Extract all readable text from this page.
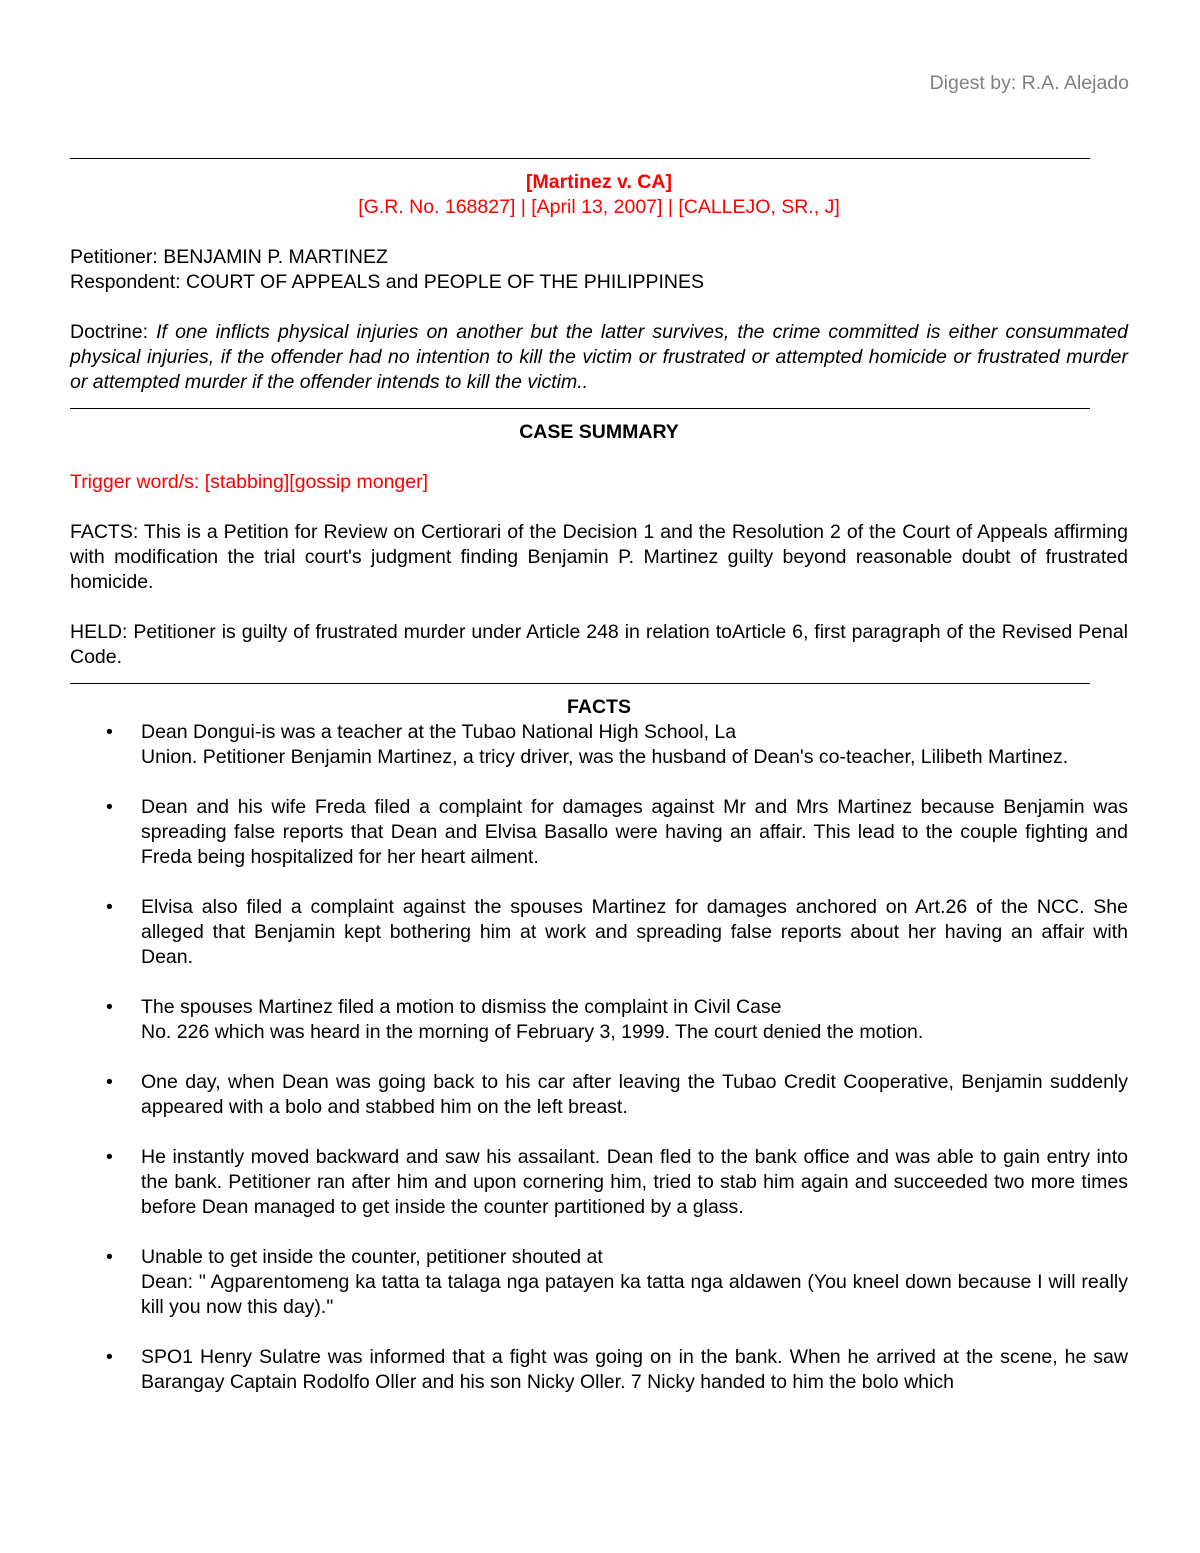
Digest by: R.A. Alejado
[Martinez v. CA]
[G.R. No. 168827] | [April 13, 2007] | [CALLEJO, SR., J]
Petitioner: BENJAMIN P. MARTINEZ
Respondent: COURT OF APPEALS and PEOPLE OF THE PHILIPPINES
Doctrine: If one inflicts physical injuries on another but the latter survives, the crime committed is either consummated physical injuries, if the offender had no intention to kill the victim or frustrated or attempted homicide or frustrated murder or attempted murder if the offender intends to kill the victim..
CASE SUMMARY
Trigger word/s: [stabbing][gossip monger]
FACTS: This is a Petition for Review on Certiorari of the Decision 1 and the Resolution 2 of the Court of Appeals affirming with modification the trial court's judgment finding Benjamin P. Martinez guilty beyond reasonable doubt of frustrated homicide.
HELD: Petitioner is guilty of frustrated murder under Article 248 in relation toArticle 6, first paragraph of the Revised Penal Code.
FACTS
• Dean Dongui-is was a teacher at the Tubao National High School, La
Union. Petitioner Benjamin Martinez, a tricy driver, was the husband of Dean's co-teacher, Lilibeth Martinez.
• Dean and his wife Freda filed a complaint for damages against Mr and Mrs Martinez because Benjamin was spreading false reports that Dean and Elvisa Basallo were having an affair. This lead to the couple fighting and Freda being hospitalized for her heart ailment.
• Elvisa also filed a complaint against the spouses Martinez for damages anchored on Art.26 of the NCC. She alleged that Benjamin kept bothering him at work and spreading false reports about her having an affair with Dean.
• The spouses Martinez filed a motion to dismiss the complaint in Civil Case
No. 226 which was heard in the morning of February 3, 1999. The court denied the motion.
• One day, when Dean was going back to his car after leaving the Tubao Credit Cooperative, Benjamin suddenly appeared with a bolo and stabbed him on the left breast.
• He instantly moved backward and saw his assailant. Dean fled to the bank office and was able to gain entry into the bank. Petitioner ran after him and upon cornering him, tried to stab him again and succeeded two more times before Dean managed to get inside the counter partitioned by a glass.
• Unable to get inside the counter, petitioner shouted at
Dean: " Agparentomeng ka tatta ta talaga nga patayen ka tatta nga aldawen (You kneel down because I will really kill you now this day)."
• SPO1 Henry Sulatre was informed that a fight was going on in the bank. When he arrived at the scene, he saw Barangay Captain Rodolfo Oller and his son Nicky Oller. 7 Nicky handed to him the bolo which
